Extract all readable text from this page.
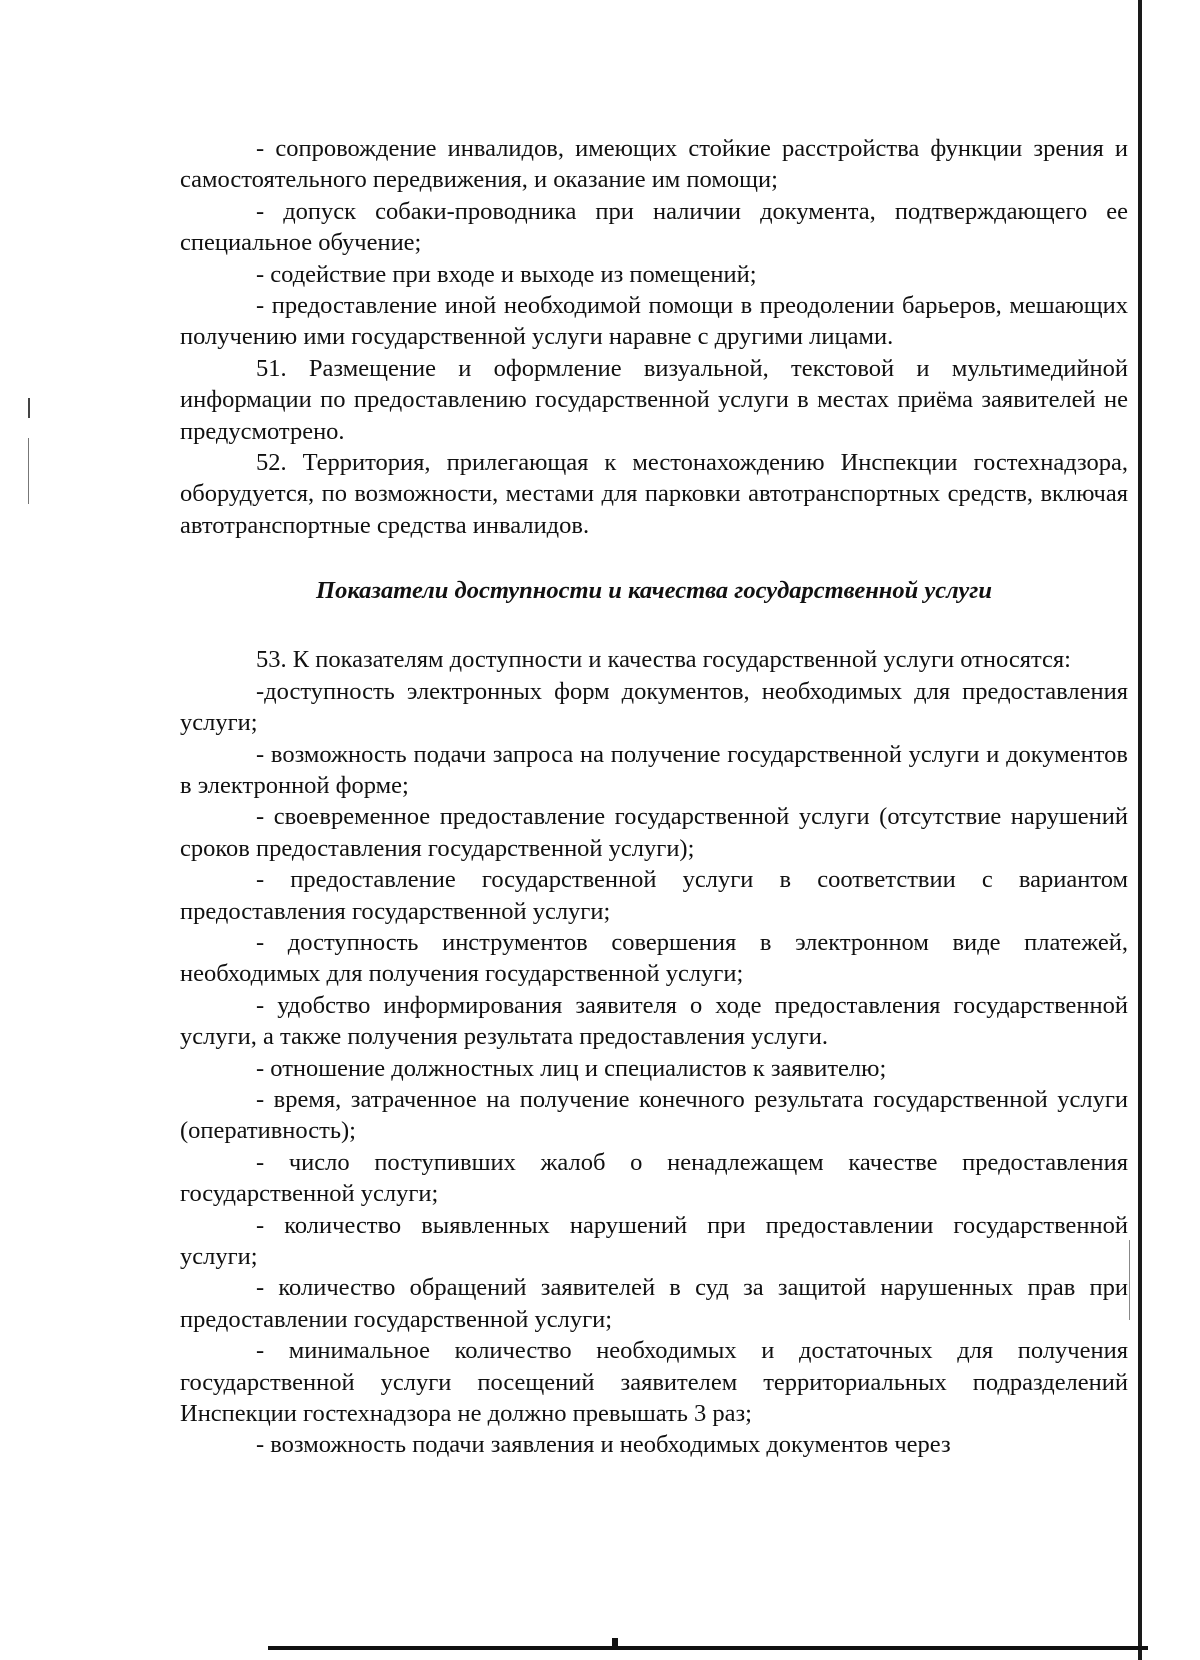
- сопровождение инвалидов, имеющих стойкие расстройства функции зрения и самостоятельного передвижения, и оказание им помощи;

- допуск собаки-проводника при наличии документа, подтверждающего ее специальное обучение;

- содействие при входе и выходе из помещений;

- предоставление иной необходимой помощи в преодолении барьеров, мешающих получению ими государственной услуги наравне с другими лицами.

51. Размещение и оформление визуальной, текстовой и мультимедийной информации по предоставлению государственной услуги в местах приёма заявителей не предусмотрено.

52. Территория, прилегающая к местонахождению Инспекции гостехнадзора, оборудуется, по возможности, местами для парковки автотранспортных средств, включая автотранспортные средства инвалидов.

Показатели доступности и качества государственной услуги

53. К показателям доступности и качества государственной услуги относятся:

-доступность электронных форм документов, необходимых для предоставления услуги;

- возможность подачи запроса на получение государственной услуги и документов в электронной форме;

- своевременное предоставление государственной услуги (отсутствие нарушений сроков предоставления государственной услуги);

- предоставление государственной услуги в соответствии с вариантом предоставления государственной услуги;

- доступность инструментов совершения в электронном виде платежей, необходимых для получения государственной услуги;

- удобство информирования заявителя о ходе предоставления государственной услуги, а также получения результата предоставления услуги.

- отношение должностных лиц и специалистов к заявителю;

- время, затраченное на получение конечного результата государственной услуги (оперативность);

- число поступивших жалоб о ненадлежащем качестве предоставления государственной услуги;

- количество выявленных нарушений при предоставлении государственной услуги;

- количество обращений заявителей в суд за защитой нарушенных прав при предоставлении государственной услуги;

- минимальное количество необходимых и достаточных для получения государственной услуги посещений заявителем территориальных подразделений Инспекции гостехнадзора не должно превышать 3 раз;

- возможность подачи заявления и необходимых документов через
